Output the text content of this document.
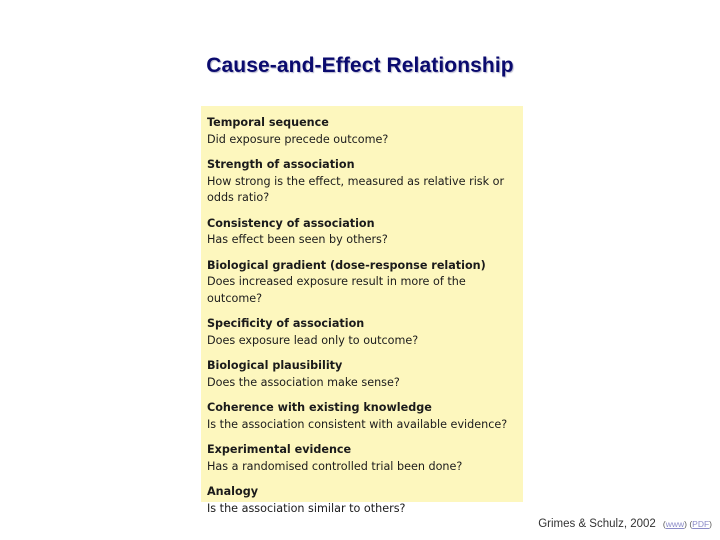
Cause-and-Effect Relationship
Temporal sequence
Did exposure precede outcome?
Strength of association
How strong is the effect, measured as relative risk or odds ratio?
Consistency of association
Has effect been seen by others?
Biological gradient (dose-response relation)
Does increased exposure result in more of the outcome?
Specificity of association
Does exposure lead only to outcome?
Biological plausibility
Does the association make sense?
Coherence with existing knowledge
Is the association consistent with available evidence?
Experimental evidence
Has a randomised controlled trial been done?
Analogy
Is the association similar to others?
Grimes & Schulz, 2002 (www) (PDF)
